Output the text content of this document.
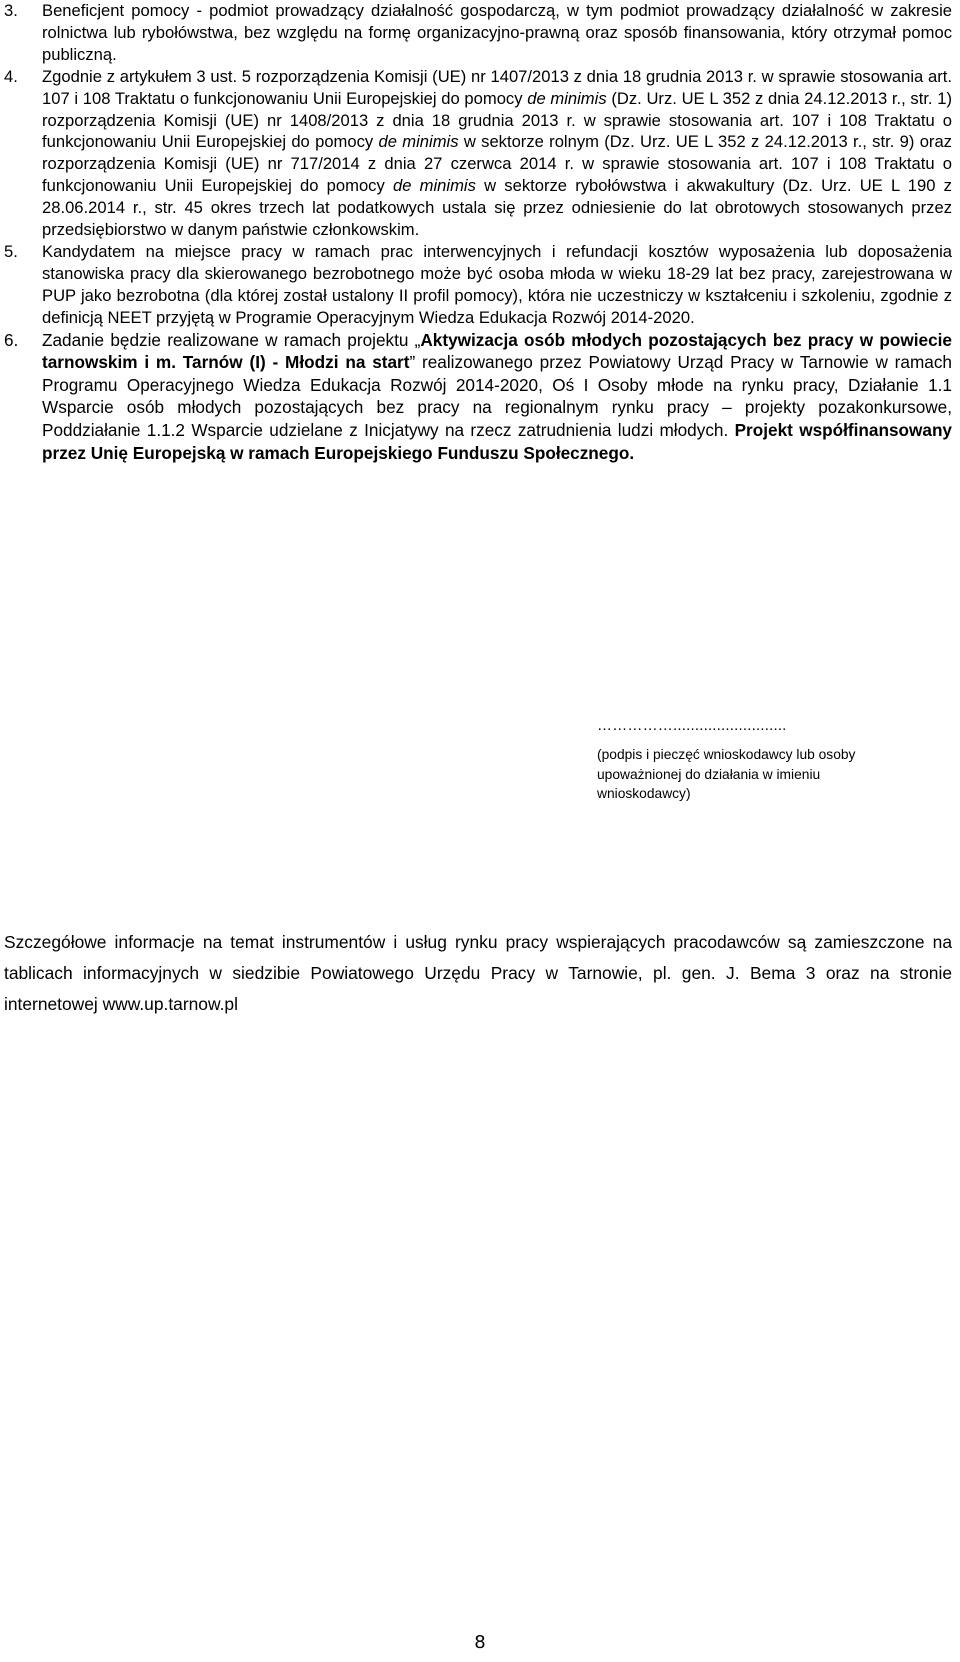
3. Beneficjent pomocy - podmiot prowadzący działalność gospodarczą, w tym podmiot prowadzący działalność w zakresie rolnictwa lub rybołówstwa, bez względu na formę organizacyjno-prawną oraz sposób finansowania, który otrzymał pomoc publiczną.

4. Zgodnie z artykułem 3 ust. 5 rozporządzenia Komisji (UE) nr 1407/2013 z dnia 18 grudnia 2013 r. w sprawie stosowania art. 107 i 108 Traktatu o funkcjonowaniu Unii Europejskiej do pomocy de minimis (Dz. Urz. UE L 352 z dnia 24.12.2013 r., str. 1) rozporządzenia Komisji (UE) nr 1408/2013 z dnia 18 grudnia 2013 r. w sprawie stosowania art. 107 i 108 Traktatu o funkcjonowaniu Unii Europejskiej do pomocy de minimis w sektorze rolnym (Dz. Urz. UE L 352 z 24.12.2013 r., str. 9) oraz rozporządzenia Komisji (UE) nr 717/2014 z dnia 27 czerwca 2014 r. w sprawie stosowania art. 107 i 108 Traktatu o funkcjonowaniu Unii Europejskiej do pomocy de minimis w sektorze rybołówstwa i akwakultury (Dz. Urz. UE L 190 z 28.06.2014 r., str. 45 okres trzech lat podatkowych ustala się przez odniesienie do lat obrotowych stosowanych przez przedsiębiorstwo w danym państwie członkowskim.

5. Kandydatem na miejsce pracy w ramach prac interwencyjnych i refundacji kosztów wyposażenia lub doposażenia stanowiska pracy dla skierowanego bezrobotnego może być osoba młoda w wieku 18-29 lat bez pracy, zarejestrowana w PUP jako bezrobotna (dla której został ustalony II profil pomocy), która nie uczestniczy w kształceniu i szkoleniu, zgodnie z definicją NEET przyjętą w Programie Operacyjnym Wiedza Edukacja Rozwój 2014-2020.

6. Zadanie będzie realizowane w ramach projektu „Aktywizacja osób młodych pozostających bez pracy w powiecie tarnowskim i m. Tarnów (I) - Młodzi na start” realizowanego przez Powiatowy Urząd Pracy w Tarnowie w ramach Programu Operacyjnego Wiedza Edukacja Rozwój 2014-2020, Oś I Osoby młode na rynku pracy, Działanie 1.1 Wsparcie osób młodych pozostających bez pracy na regionalnym rynku pracy – projekty pozakonkursowe, Poddziałanie 1.1.2 Wsparcie udzielane z Inicjatywy na rzecz zatrudnienia ludzi młodych. Projekt współfinansowany przez Unię Europejską w ramach Europejskiego Funduszu Społecznego.

……………..........................
(podpis i pieczęć wnioskodawcy lub osoby upoważnionej do działania w imieniu wnioskodawcy)
Szczegółowe informacje na temat instrumentów i usług rynku pracy wspierających pracodawców są zamieszczone na tablicach informacyjnych w siedzibie Powiatowego Urzędu Pracy w Tarnowie, pl. gen. J. Bema 3 oraz na stronie internetowej www.up.tarnow.pl
8
